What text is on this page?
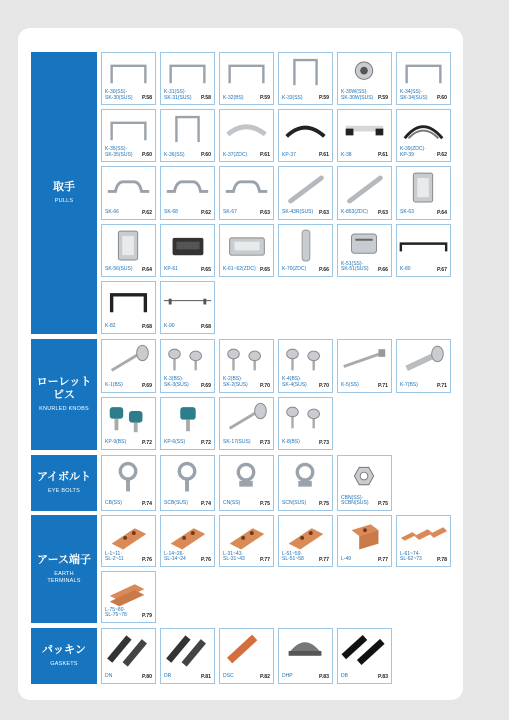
取手
PULLS
K-30(SS)·
SK-30(SUS) P.58
K-31(SS)·
SK-31(SUS) P.58 K-32(BS)	P.59 K-33(SS)	P.59
K-30W(SS)·
SK-30W(SUS) P.59
K-34(SS)·
SK-34(SUS) P.60
K-35(SS)·
SK-35(SUS) P.60 K-36(SS)	P.60 K-37(ZDC) P.61 KP-37	P.61 K-38	P.61
K-39(ZDC)·
KP-39	P.62
SK-66	P.62 SK-68	P.62 SK-67	P.63 SK-43R(SUS) P.63 K-853(ZDC) P.63 SK-63	P.64
SK-56(SUS) P.64 KP-61	P.65 K-61~62(ZDC) P.65 K-70(ZDC) P.66
K-51(SS)·
SK-51(SUS) P.66 K-80	P.67
K-82	P.68 K-90	P.68
ローレット
ビス
KNURLED KNOBS
K-1(BS)	P.69
K-3(BS)·
SK-3(SUS) P.69
K-2(BS)·
SK-2(SUS) P.70
K-4(BS)·
SK-4(SUS) P.70 K-5(SS)	P.71 K-7(BS)	P.71
KP-9(BS)	P.72 KP-6(SS)	P.72 SK-17(SUS) P.73 K-8(BS)	P.73
アイボルト
EYE BOLTS
CB(SS)	P.74 SCB(SUS)	P.74 CN(SS)	P.75 SCN(SUS) P.75
CBN(SS)·
SCBN(SUS) P.75
アース端子
EARTH
TERMINALS
L-1~11·
SL-2~11	P.76
L-14~26·
SL-14~24	P.76
L-31~43·
SL-31~43	P.77
L-51~59·
SL-51~58	P.77 L-49	P.77
L-61~74·
SL-62~73	P.78
L-75~80·
SL-75~78	P.79
パッキン
GASKETS
DN	P.80 DR	P.81 DSC	P.82 DHP	P.83 DB	P.83
